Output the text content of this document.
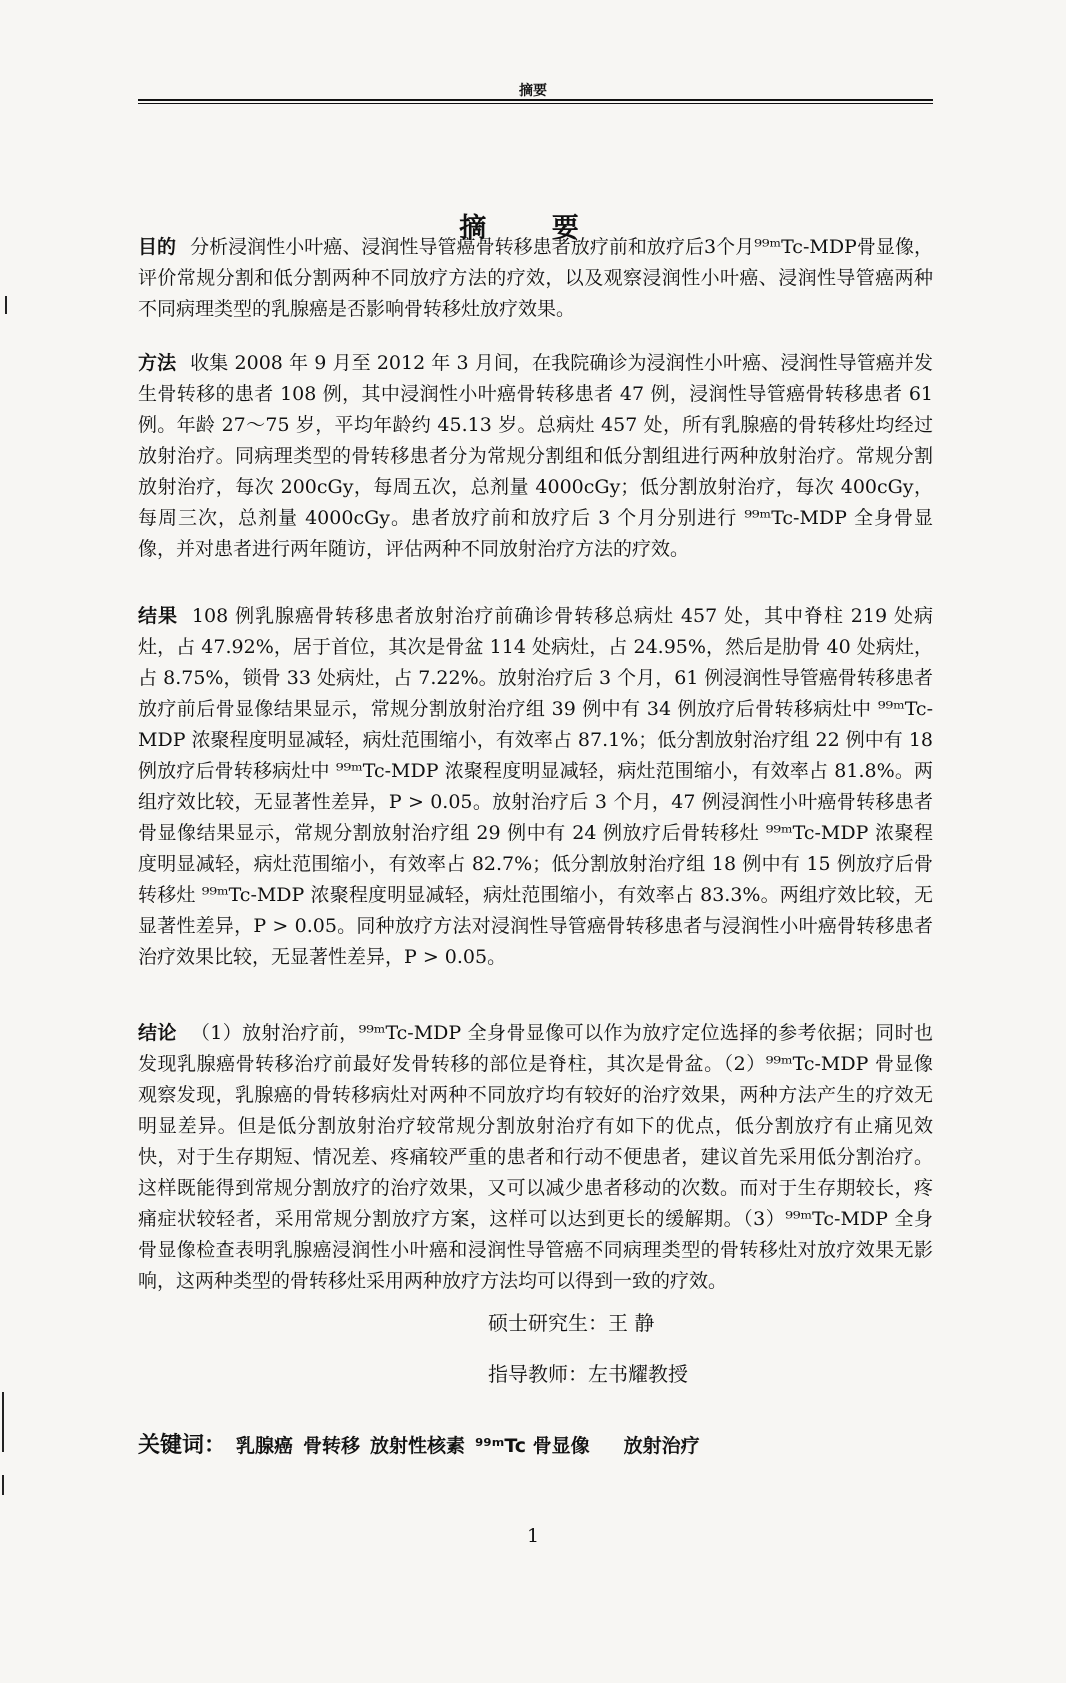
摘要
摘 要
目的 分析浸润性小叶癌、浸润性导管癌骨转移患者放疗前和放疗后3个月⁹⁹ᵐTc-MDP骨显像，评价常规分割和低分割两种不同放疗方法的疗效，以及观察浸润性小叶癌、浸润性导管癌两种不同病理类型的乳腺癌是否影响骨转移灶放疗效果。
方法 收集 2008 年 9 月至 2012 年 3 月间，在我院确诊为浸润性小叶癌、浸润性导管癌并发生骨转移的患者 108 例，其中浸润性小叶癌骨转移患者 47 例，浸润性导管癌骨转移患者 61 例。年龄 27～75 岁，平均年龄约 45.13 岁。总病灶 457 处，所有乳腺癌的骨转移灶均经过放射治疗。同病理类型的骨转移患者分为常规分割组和低分割组进行两种放射治疗。常规分割放射治疗，每次 200cGy，每周五次，总剂量 4000cGy；低分割放射治疗，每次 400cGy，每周三次，总剂量 4000cGy。患者放疗前和放疗后 3 个月分别进行 ⁹⁹ᵐTc-MDP 全身骨显像，并对患者进行两年随访，评估两种不同放射治疗方法的疗效。
结果 108 例乳腺癌骨转移患者放射治疗前确诊骨转移总病灶 457 处，其中脊柱 219 处病灶，占 47.92%，居于首位，其次是骨盆 114 处病灶，占 24.95%，然后是肋骨 40 处病灶，占 8.75%，锁骨 33 处病灶，占 7.22%。放射治疗后 3 个月，61 例浸润性导管癌骨转移患者放疗前后骨显像结果显示，常规分割放射治疗组 39 例中有 34 例放疗后骨转移病灶中 ⁹⁹ᵐTc-MDP 浓聚程度明显减轻，病灶范围缩小，有效率占 87.1%；低分割放射治疗组 22 例中有 18 例放疗后骨转移病灶中 ⁹⁹ᵐTc-MDP 浓聚程度明显减轻，病灶范围缩小，有效率占 81.8%。两组疗效比较，无显著性差异，P > 0.05。放射治疗后 3 个月，47 例浸润性小叶癌骨转移患者骨显像结果显示，常规分割放射治疗组 29 例中有 24 例放疗后骨转移灶 ⁹⁹ᵐTc-MDP 浓聚程度明显减轻，病灶范围缩小，有效率占 82.7%；低分割放射治疗组 18 例中有 15 例放疗后骨转移灶 ⁹⁹ᵐTc-MDP 浓聚程度明显减轻，病灶范围缩小，有效率占 83.3%。两组疗效比较，无显著性差异，P > 0.05。同种放疗方法对浸润性导管癌骨转移患者与浸润性小叶癌骨转移患者治疗效果比较，无显著性差异，P > 0.05。
结论 （1）放射治疗前，⁹⁹ᵐTc-MDP 全身骨显像可以作为放疗定位选择的参考依据；同时也发现乳腺癌骨转移治疗前最好发骨转移的部位是脊柱，其次是骨盆。（2）⁹⁹ᵐTc-MDP 骨显像观察发现，乳腺癌的骨转移病灶对两种不同放疗均有较好的治疗效果，两种方法产生的疗效无明显差异。但是低分割放射治疗较常规分割放射治疗有如下的优点，低分割放疗有止痛见效快，对于生存期短、情况差、疼痛较严重的患者和行动不便患者，建议首先采用低分割治疗。这样既能得到常规分割放疗的治疗效果，又可以减少患者移动的次数。而对于生存期较长，疼痛症状较轻者，采用常规分割放疗方案，这样可以达到更长的缓解期。（3）⁹⁹ᵐTc-MDP 全身骨显像检查表明乳腺癌浸润性小叶癌和浸润性导管癌不同病理类型的骨转移灶对放疗效果无影响，这两种类型的骨转移灶采用两种放疗方法均可以得到一致的疗效。
硕士研究生：王 静
指导教师：左书耀教授
关键词： 乳腺癌 骨转移 放射性核素 ⁹⁹ᵐTc 骨显像 放射治疗
1
